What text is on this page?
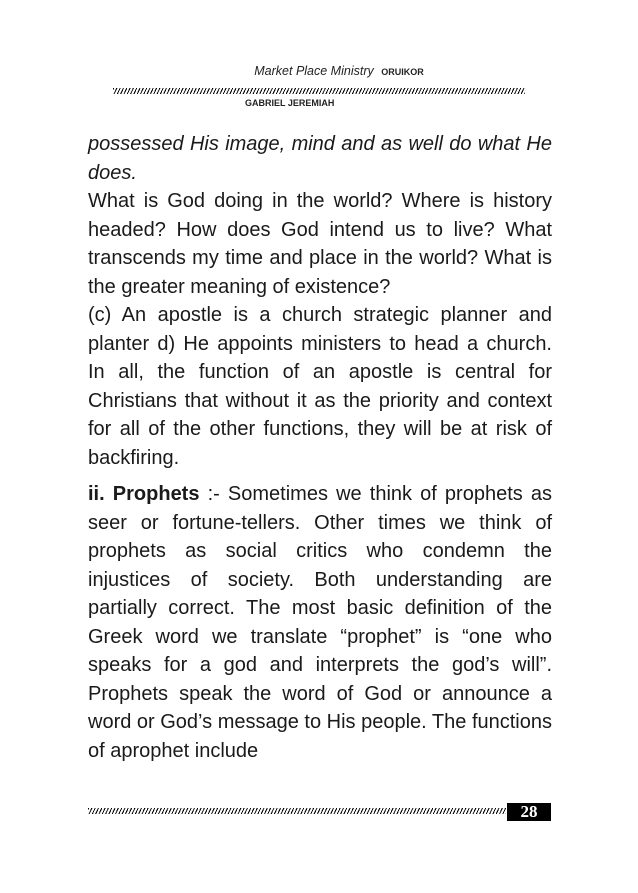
Market Place Ministry ORUIKOR
GABRIEL JEREMIAH

possessed His image, mind and as well do what He does.

What is God doing in the world? Where is history headed? How does God intend us to live? What transcends my time and place in the world? What is the greater meaning of existence?

(c) An apostle is a church strategic planner and planter d) He appoints ministers to head a church. In all, the function of an apostle is central for Christians that without it as the priority and context for all of the other functions, they will be at risk of backfiring.

ii. Prophets :- Sometimes we think of prophets as seer or fortune-tellers. Other times we think of prophets as social critics who condemn the injustices of society. Both understanding are partially correct. The most basic definition of the Greek word we translate “prophet” is “one who speaks for a god and interprets the god’s will”. Prophets speak the word of God or announce a word or God’s message to His people. The functions of aprophet include

28
